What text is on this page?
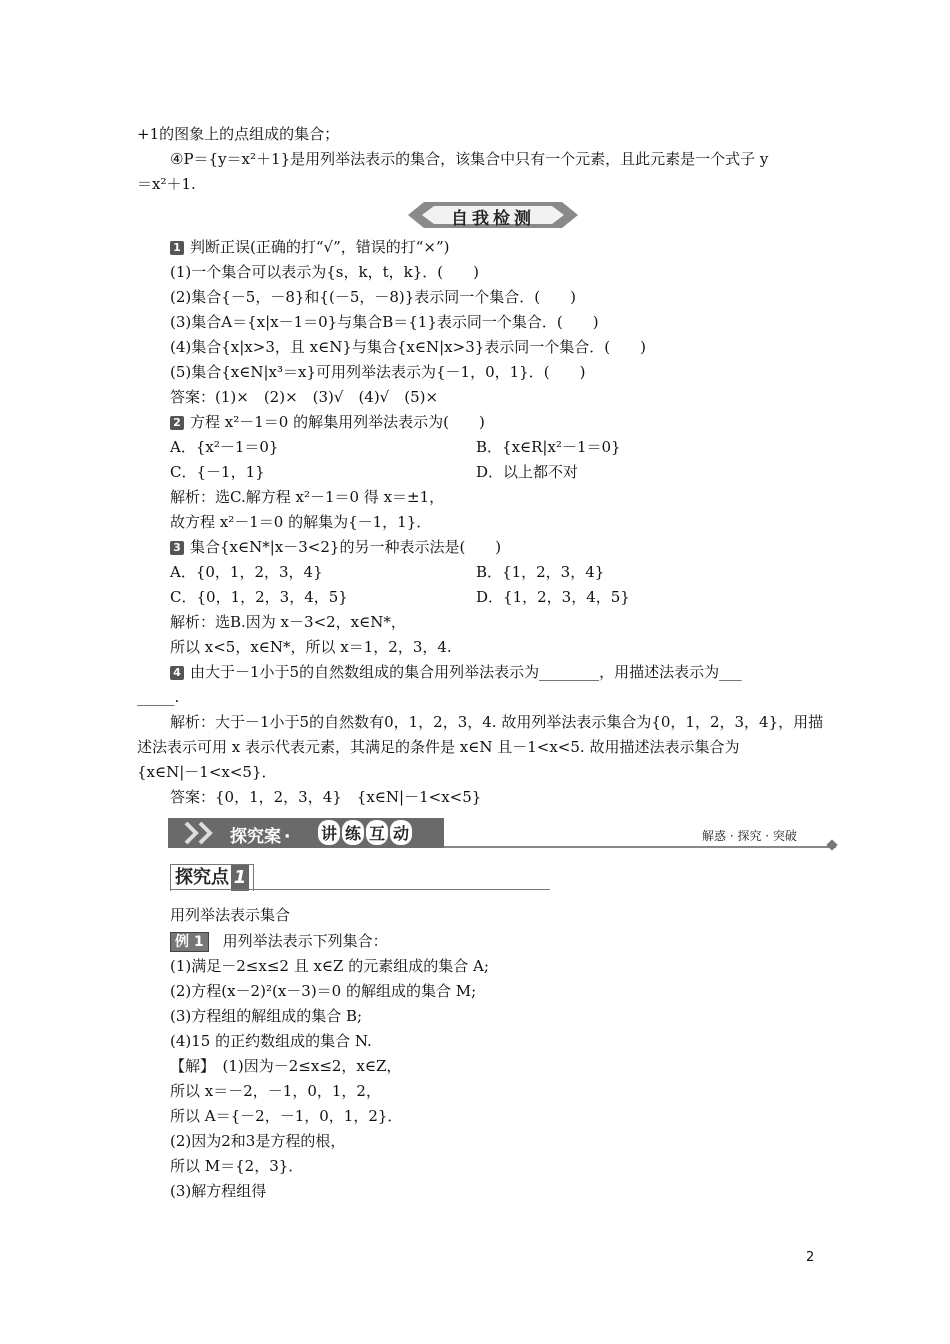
+1的图象上的点组成的集合；
④P＝{y＝x²＋1}是用列举法表示的集合，该集合中只有一个元素，且此元素是一个式子 y
＝x²＋1.
自我检测
1 判断正误(正确的打“√”，错误的打“×”)
(1)一个集合可以表示为{s，k，t，k}．(　　)
(2)集合{－5，－8}和{(－5，－8)}表示同一个集合．(　　)
(3)集合A＝{x|x－1＝0}与集合B＝{1}表示同一个集合．(　　)
(4)集合{x|x>3，且 x∈N}与集合{x∈N|x>3}表示同一个集合．(　　)
(5)集合{x∈N|x³＝x}可用列举法表示为{－1，0，1}．(　　)
答案：(1)×　(2)×　(3)√　(4)√　(5)×
2 方程 x²－1＝0 的解集用列举法表示为(　　)
A．{x²－1＝0}	B．{x∈R|x²－1＝0}
C．{－1，1}	D．以上都不对
解析：选C.解方程 x²－1＝0 得 x＝±1，
故方程 x²－1＝0 的解集为{－1，1}．
3 集合{x∈N*|x－3<2}的另一种表示法是(　　)
A．{0，1，2，3，4}	B．{1，2，3，4}
C．{0，1，2，3，4，5}	D．{1，2，3，4，5}
解析：选B.因为 x－3<2，x∈N*，
所以 x<5，x∈N*，所以 x＝1，2，3，4.
4 由大于－1小于5的自然数组成的集合用列举法表示为________，用描述法表示为___
_____.
解析：大于－1小于5的自然数有0，1，2，3，4. 故用列举法表示集合为{0，1，2，3，4}，用描
述法表示可用 x 表示代表元素，其满足的条件是 x∈N 且－1<x<5. 故用描述法表示集合为
{x∈N|－1<x<5}．
答案：{0，1，2，3，4}　{x∈N|－1<x<5}
探究案 · 讲 练 互 动	解惑 · 探究 · 突破
探究点 1
用列举法表示集合
例 1 用列举法表示下列集合：
(1)满足－2≤x≤2 且 x∈Z 的元素组成的集合 A;
(2)方程(x－2)²(x－3)＝0 的解组成的集合 M;
(3)方程组的解组成的集合 B;
(4)15 的正约数组成的集合 N.
【解】　(1)因为－2≤x≤2，x∈Z，
所以 x＝－2，－1，0，1，2，
所以 A＝{－2，－1，0，1，2}．
(2)因为2和3是方程的根，
所以 M＝{2，3}．
(3)解方程组得
2
